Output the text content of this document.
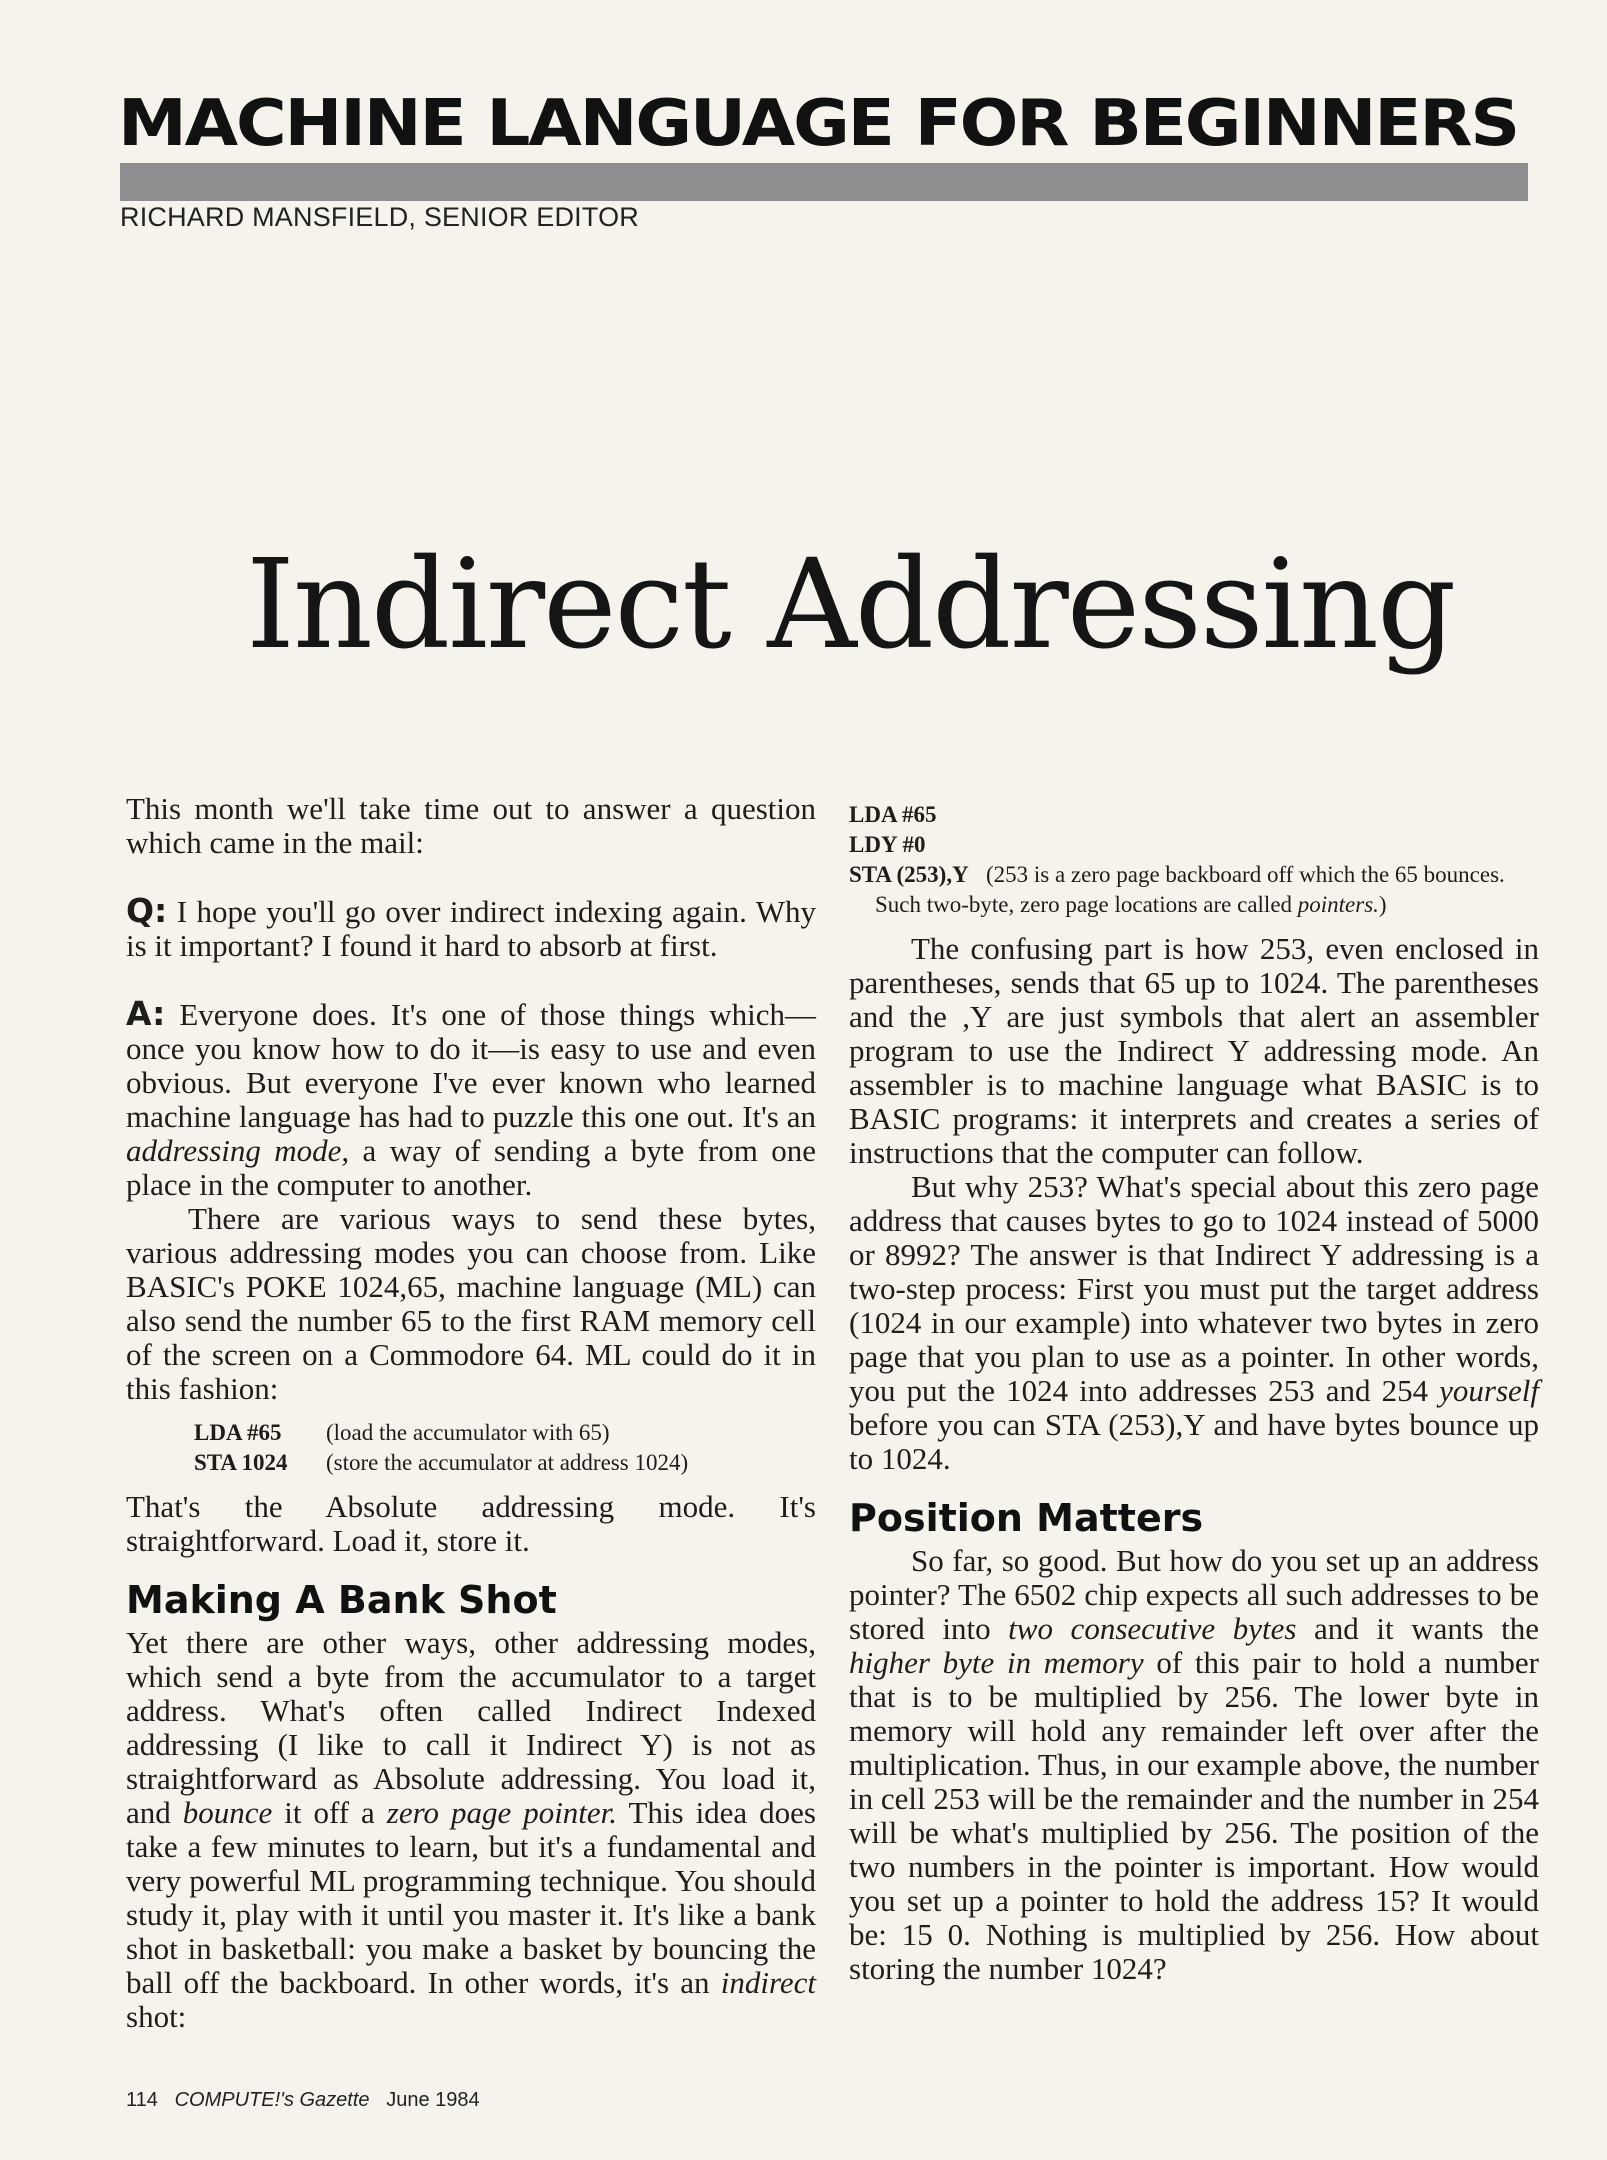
MACHINE LANGUAGE FOR BEGINNERS
RICHARD MANSFIELD, SENIOR EDITOR
Indirect Addressing

This month we'll take time out to answer a question which came in the mail:

Q: I hope you'll go over indirect indexing again. Why is it important? I found it hard to absorb at first.

A: Everyone does. It's one of those things which—once you know how to do it—is easy to use and even obvious. But everyone I've ever known who learned machine language has had to puzzle this one out. It's an addressing mode, a way of sending a byte from one place in the computer to another.

There are various ways to send these bytes, various addressing modes you can choose from. Like BASIC's POKE 1024,65, machine language (ML) can also send the number 65 to the first RAM memory cell of the screen on a Commodore 64. ML could do it in this fashion:

LDA #65	(load the accumulator with 65)
STA 1024	(store the accumulator at address 1024)

That's the Absolute addressing mode. It's straightforward. Load it, store it.

Making A Bank Shot

Yet there are other ways, other addressing modes, which send a byte from the accumulator to a target address. What's often called Indirect Indexed addressing (I like to call it Indirect Y) is not as straightforward as Absolute addressing. You load it, and bounce it off a zero page pointer. This idea does take a few minutes to learn, but it's a fundamental and very powerful ML programming technique. You should study it, play with it until you master it. It's like a bank shot in basketball: you make a basket by bouncing the ball off the backboard. In other words, it's an indirect shot:

LDA #65
LDY #0
STA (253),Y (253 is a zero page backboard off which the 65 bounces. Such two-byte, zero page locations are called pointers.)

The confusing part is how 253, even enclosed in parentheses, sends that 65 up to 1024. The parentheses and the ,Y are just symbols that alert an assembler program to use the Indirect Y addressing mode. An assembler is to machine language what BASIC is to BASIC programs: it interprets and creates a series of instructions that the computer can follow.

But why 253? What's special about this zero page address that causes bytes to go to 1024 instead of 5000 or 8992? The answer is that Indirect Y addressing is a two-step process: First you must put the target address (1024 in our example) into whatever two bytes in zero page that you plan to use as a pointer. In other words, you put the 1024 into addresses 253 and 254 yourself before you can STA (253),Y and have bytes bounce up to 1024.

Position Matters

So far, so good. But how do you set up an address pointer? The 6502 chip expects all such addresses to be stored into two consecutive bytes and it wants the higher byte in memory of this pair to hold a number that is to be multiplied by 256. The lower byte in memory will hold any remainder left over after the multiplication. Thus, in our example above, the number in cell 253 will be the remainder and the number in 254 will be what's multiplied by 256. The position of the two numbers in the pointer is important. How would you set up a pointer to hold the address 15? It would be: 15 0. Nothing is multiplied by 256. How about storing the number 1024?

114 COMPUTE!'s Gazette June 1984
